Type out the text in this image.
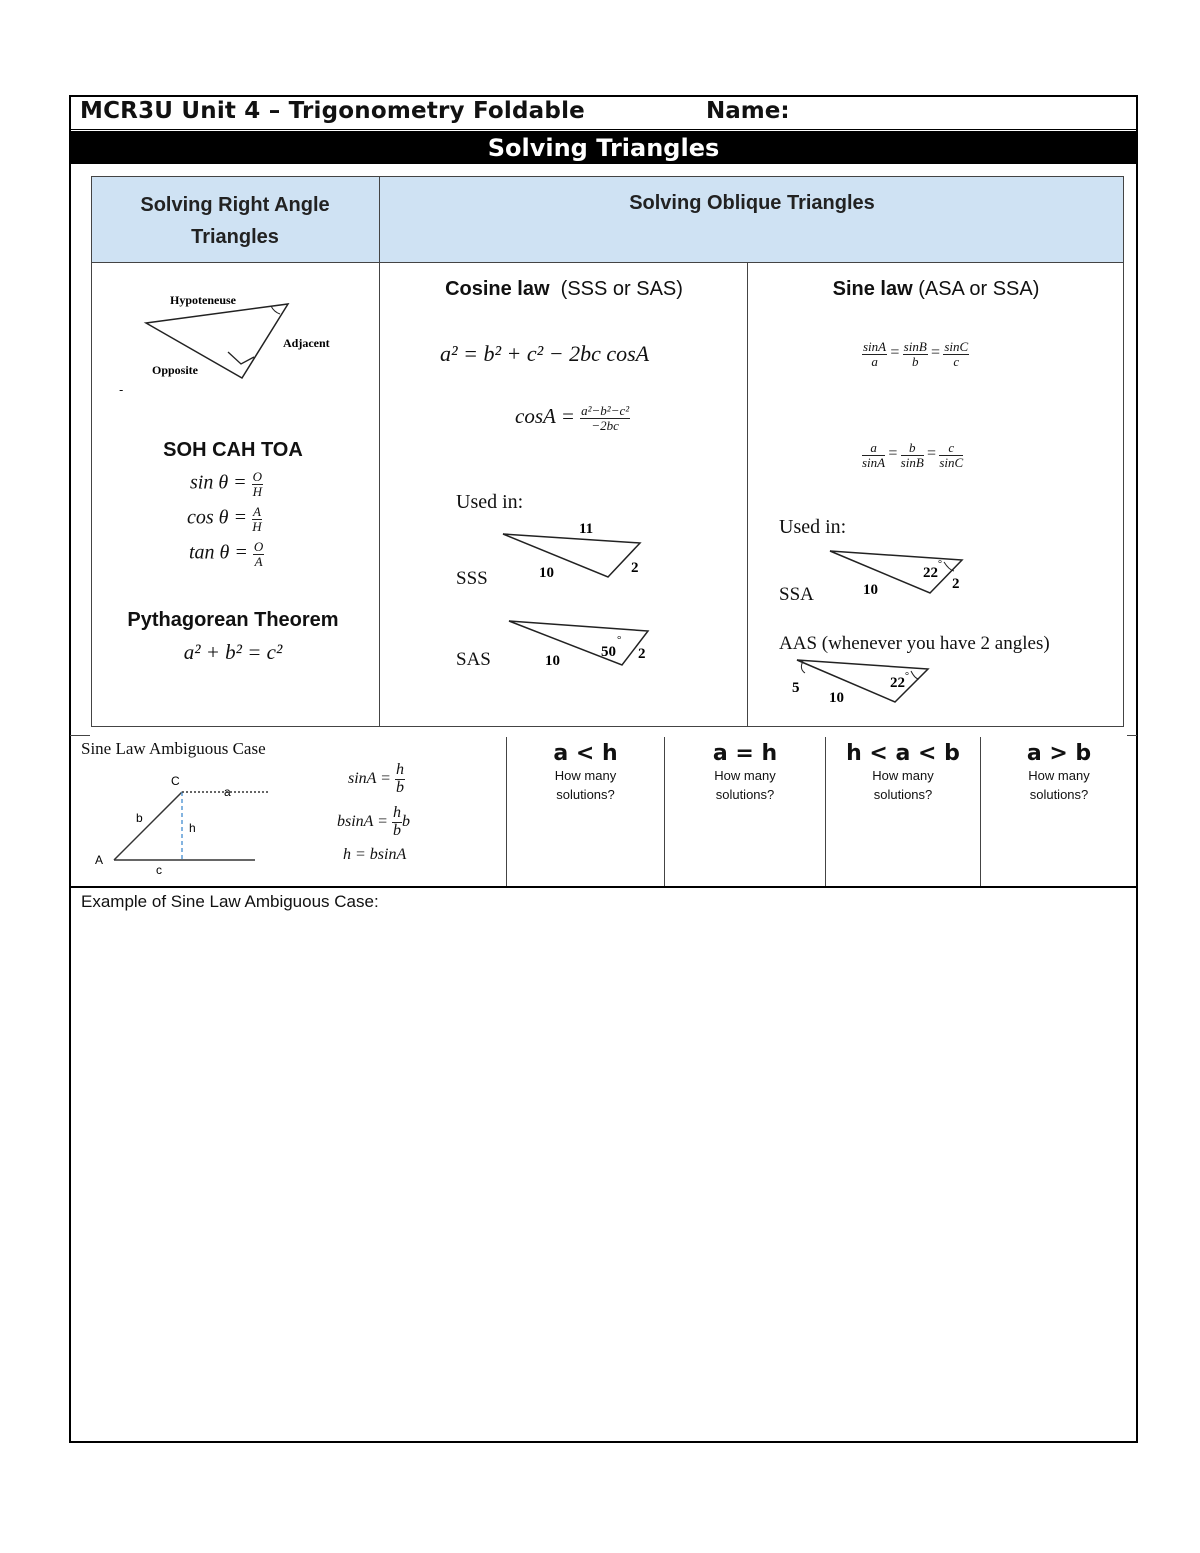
MCR3U Unit 4 – Trigonometry Foldable	Name:
Solving Triangles
Solving Right Angle Triangles
Solving Oblique Triangles
Hypoteneuse
Adjacent
Opposite
-
SOH CAH TOA
$\sin \theta = \frac{O}{H}$
$\cos \theta = \frac{A}{H}$
$\tan \theta = \frac{O}{A}$
Pythagorean Theorem
a² + b² = c²
Cosine law (SSS or SAS)
a² = b² + c² − 2bc cosA
$\cos A = \frac{\text{a²−b²−c²}}{-2bc}$
Used in:
11
10	2
SSS
10
50
°
2
SAS
Sine law (ASA or SSA)
$\frac{\sin A}{a} = \frac{\sin B}{b} = \frac{\sin C}{c}$
$\frac{a}{\sin A} = \frac{b}{\sin B} = \frac{c}{\sin C}$
Used in:
10
22
°
2
SSA
AAS (whenever you have 2 angles)
5
10
22 °
Sine Law Ambiguous Case
C
a
b
h
A
c
$\sin A = \frac{h}{b}$
$bsinA = \frac{h}{b}$ b
h = bsinA
a < h
How many
solutions?
a = h
How many
solutions?
h < a < b
How many
solutions?
a > b
How many
solutions?
Example of Sine Law Ambiguous Case:
